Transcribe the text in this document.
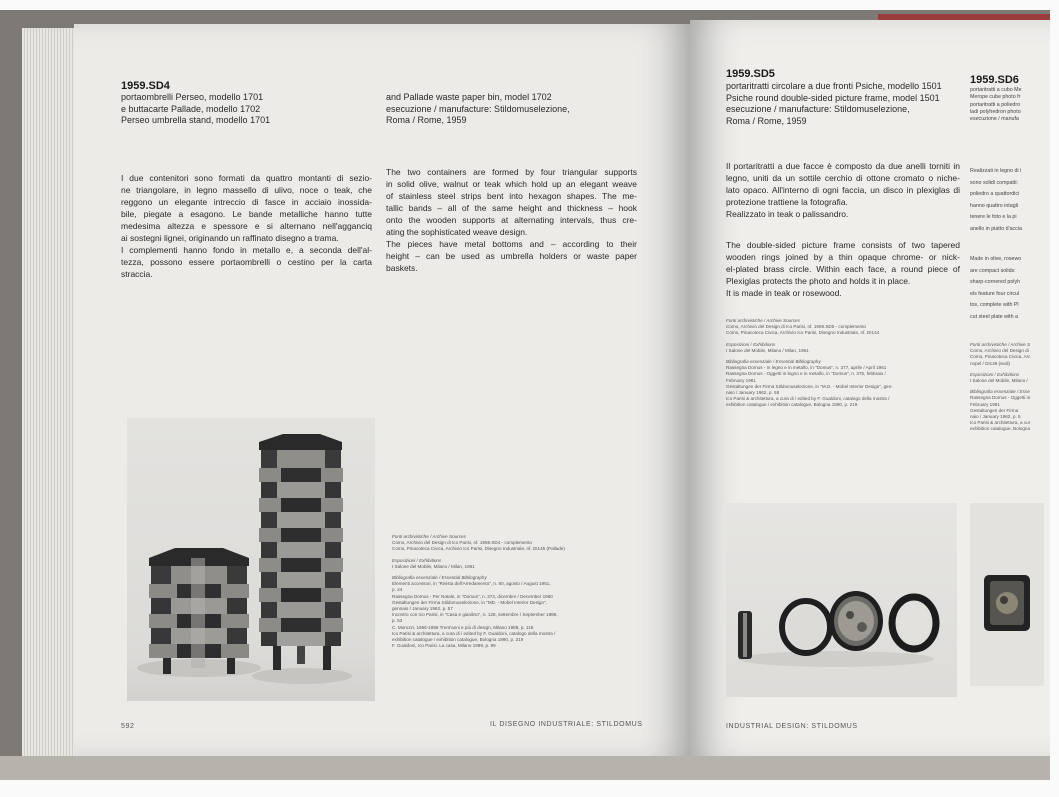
1959.SD4
portaombrelli Perseo, modello 1701
e buttacarte Pallade, modello 1702
Perseo umbrella stand, modello 1701
and Pallade waste paper bin, model 1702
esecuzione / manufacture: Stildomuselezione,
Roma / Rome, 1959
I due contenitori sono formati da quattro montanti di sezio-
ne triangolare, in legno massello di ulivo, noce o teak, che
reggono un elegante intreccio di fasce in acciaio inossida-
bile, piegate a esagono. Le bande metalliche hanno tutte
medesima altezza e spessore e si alternano nell'agganciq
ai sostegni lignei, originando un raffinato disegno a trama.
I complementi hanno fondo in metallo e, a seconda dell'al-
tezza, possono essere portaombrelli o cestino per la carta
straccia.
The two containers are formed by four triangular supports
in solid olive, walnut or teak which hold up an elegant weave
of stainless steel strips bent into hexagon shapes. The me-
tallic bands – all of the same height and thickness – hook
onto the wooden supports at alternating intervals, thus cre-
ating the sophisticated weave design.
The pieces have metal bottoms and – according to their
height – can be used as umbrella holders or waste paper
baskets.
Fonti archivistiche / Archive Sources
Como, Archivio del Design di Ico Parisi, nf. 1959.SD4 - complemento
Como, Pinacoteca Civica, Archivio Ico Parisi, Disegno Industriale, nf. DI145 (Pallade)
Esposizioni / Exhibitions
I Salone del Mobile, Milano / Milan, 1961
Bibliografia essenziale / Essential Bibliography
Elementi accessori, in "Rivista dell'Arredamento", n. 80, agosto / August 1961,
p. 24
Rassegna Domus - Per Natale, in "Domus", n. 373, dicembre / December 1960
Gestaltungen der Firma Stildomuselezione, in "MD. - Mobel Interior Design",
gennaio / January 1962, p. 57
Incontro con Ico Parisi, in "Casa e giardino", n. 128, settembre / September 1986,
p. 53
C. Morozzi, 1956-1986 Trent'anni e più di design, Milano 1988, p. 118
Ico Parisi & architettura, a cura di / edited by F. Gualdoni, catalogo della mostra /
exhibition catalogue / exhibition catalogue, Bologna 1990, p. 219
F. Gualdoni, Ico Parisi. La casa, Milano 1999, p. 99
592	IL DISEGNO INDUSTRIALE: STILDOMUS
1959.SD5
portaritratti circolare a due fronti Psiche, modello 1501
Psiche round double-sided picture frame, model 1501
esecuzione / manufacture: Stildomuselezione,
Roma / Rome, 1959
Il portaritratti a due facce è composto da due anelli torniti in
legno, uniti da un sottile cerchio di ottone cromato o niche-
lato opaco. All'interno di ogni faccia, un disco in plexiglas di
protezione trattiene la fotografia.
Realizzato in teak o palissandro.
The double-sided picture frame consists of two tapered
wooden rings joined by a thin opaque chrome- or nick-
el-plated brass circle. Within each face, a round piece of
Plexiglas protects the photo and holds it in place.
It is made in teak or rosewood.
Fonti archivistiche / Archive Sources
Como, Archivio del Design di Ico Parisi, nf. 1959.SD5 - complemento
Como, Pinacoteca Civica, Archivio Ico Parisi, Disegno Industriale, nf. DI144
Esposizioni / Exhibitions
I Salone del Mobile, Milano / Milan, 1961
Bibliografia essenziale / Essential Bibliography
Rassegna Domus - In legno e in metallo, in "Domus", n. 377, aprile / April 1961
Rassegna Domus - Oggetti in legno e in metallo, in "Domus", n. 375, febbraio /
February 1961
Gestaltungen der Firma Stildomuselezione, in "M.D. - Mobel Interior Design", gen-
naio / January 1962, p. 58
Ico Parisi & architettura, a cura di / edited by F. Gualdoni, catalogo della mostra /
exhibition catalogue / exhibition catalogue, Bologna 1990, p. 219
1959.SD6
portaritratti a cubo Me
Merope cube photo fr
portaritratti a poliedro
ladi polyhedron photo
esecuzione / manufa
Realizzati in legno di i
sono solidi compatti:
poliedro a quattordici
hanno quattro intagli
tenere le foto e la pi
anello in piatto d'accia
Made in olive, rosewo
are compact solids:
sharp-cornered polyh
els feature four circul
tos, complete with Pl
cut steel plate with a
Fonti archivistiche / Archive S
Como, Archivio del Design di
Como, Pinacoteca Civica, Arc
nopel / DI149 (sedi)
Esposizioni / Exhibitions
I Salone del Mobile, Milano /
Bibliografia essenziale / Esse
Rassegna Domus - Oggetti in
February 1961
Gestaltungen der Firma
naio / January 1962, p. 5
Ico Parisi & architettura, a cur
exhibition catalogue, Bologna
INDUSTRIAL DESIGN: STILDOMUS
